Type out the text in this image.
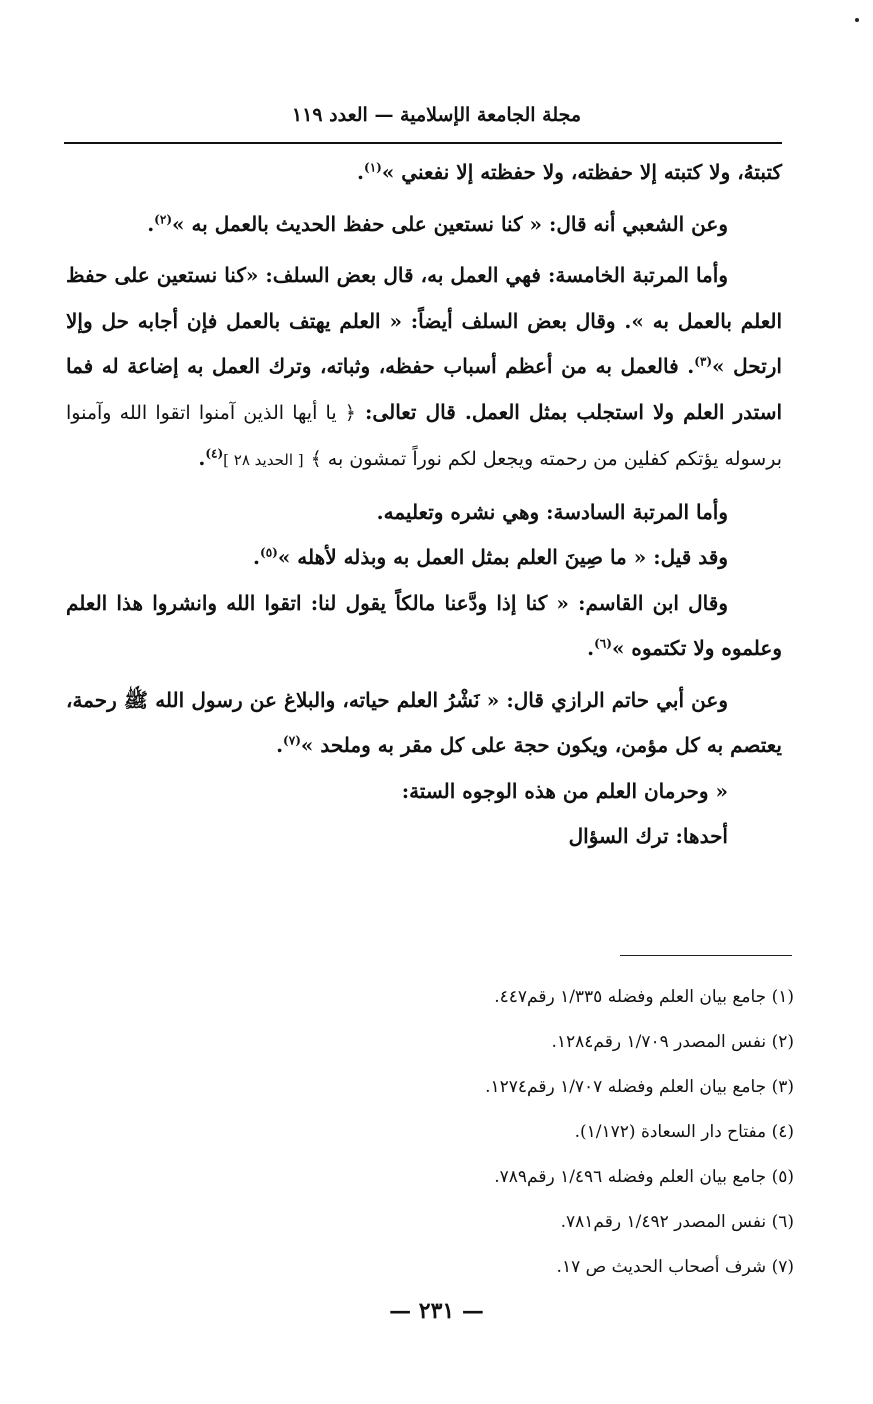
مجلة الجامعة الإسلامية — العدد ١١٩

كتبتهُ، ولا كتبته إلا حفظته، ولا حفظته إلا نفعني »$^{(١)}$.

وعن الشعبي أنه قال: « كنا نستعين على حفظ الحديث بالعمل به »$^{(٢)}$.

وأما المرتبة الخامسة: فهي العمل به، قال بعض السلف: «كنا نستعين على حفظ العلم بالعمل به ». وقال بعض السلف أيضاً: « العلم يهتف بالعمل فإن أجابه حل وإلا ارتحل »$^{(٣)}$. فالعمل به من أعظم أسباب حفظه، وثباته، وترك العمل به إضاعة له فما استدر العلم ولا استجلب بمثل العمل. قال تعالى: ﴿ يا أيها الذين آمنوا اتقوا الله وآمنوا برسوله يؤتكم كفلين من رحمته ويجعل لكم نوراً تمشون به ﴾ [ الحديد ٢٨ ]$^{(٤)}$.

وأما المرتبة السادسة: وهي نشره وتعليمه.

وقد قيل: « ما صِينَ العلم بمثل العمل به وبذله لأهله »$^{(٥)}$.

وقال ابن القاسم: « كنا إذا ودَّعنا مالكاً يقول لنا: اتقوا الله وانشروا هذا العلم وعلموه ولا تكتموه »$^{(٦)}$.

وعن أبي حاتم الرازي قال: « نَشْرُ العلم حياته، والبلاغ عن رسول الله ﷺ رحمة، يعتصم به كل مؤمن، ويكون حجة على كل مقر به وملحد »$^{(٧)}$.

« وحرمان العلم من هذه الوجوه الستة:

أحدها: ترك السؤال

(١) جامع بيان العلم وفضله ١/٣٣٥ رقم٤٤٧.
(٢) نفس المصدر ١/٧٠٩ رقم١٢٨٤.
(٣) جامع بيان العلم وفضله ١/٧٠٧ رقم١٢٧٤.
(٤) مفتاح دار السعادة (١/١٧٢).
(٥) جامع بيان العلم وفضله ١/٤٩٦ رقم٧٨٩.
(٦) نفس المصدر ١/٤٩٢ رقم٧٨١.
(٧) شرف أصحاب الحديث ص ١٧.
— ٢٣١ —
